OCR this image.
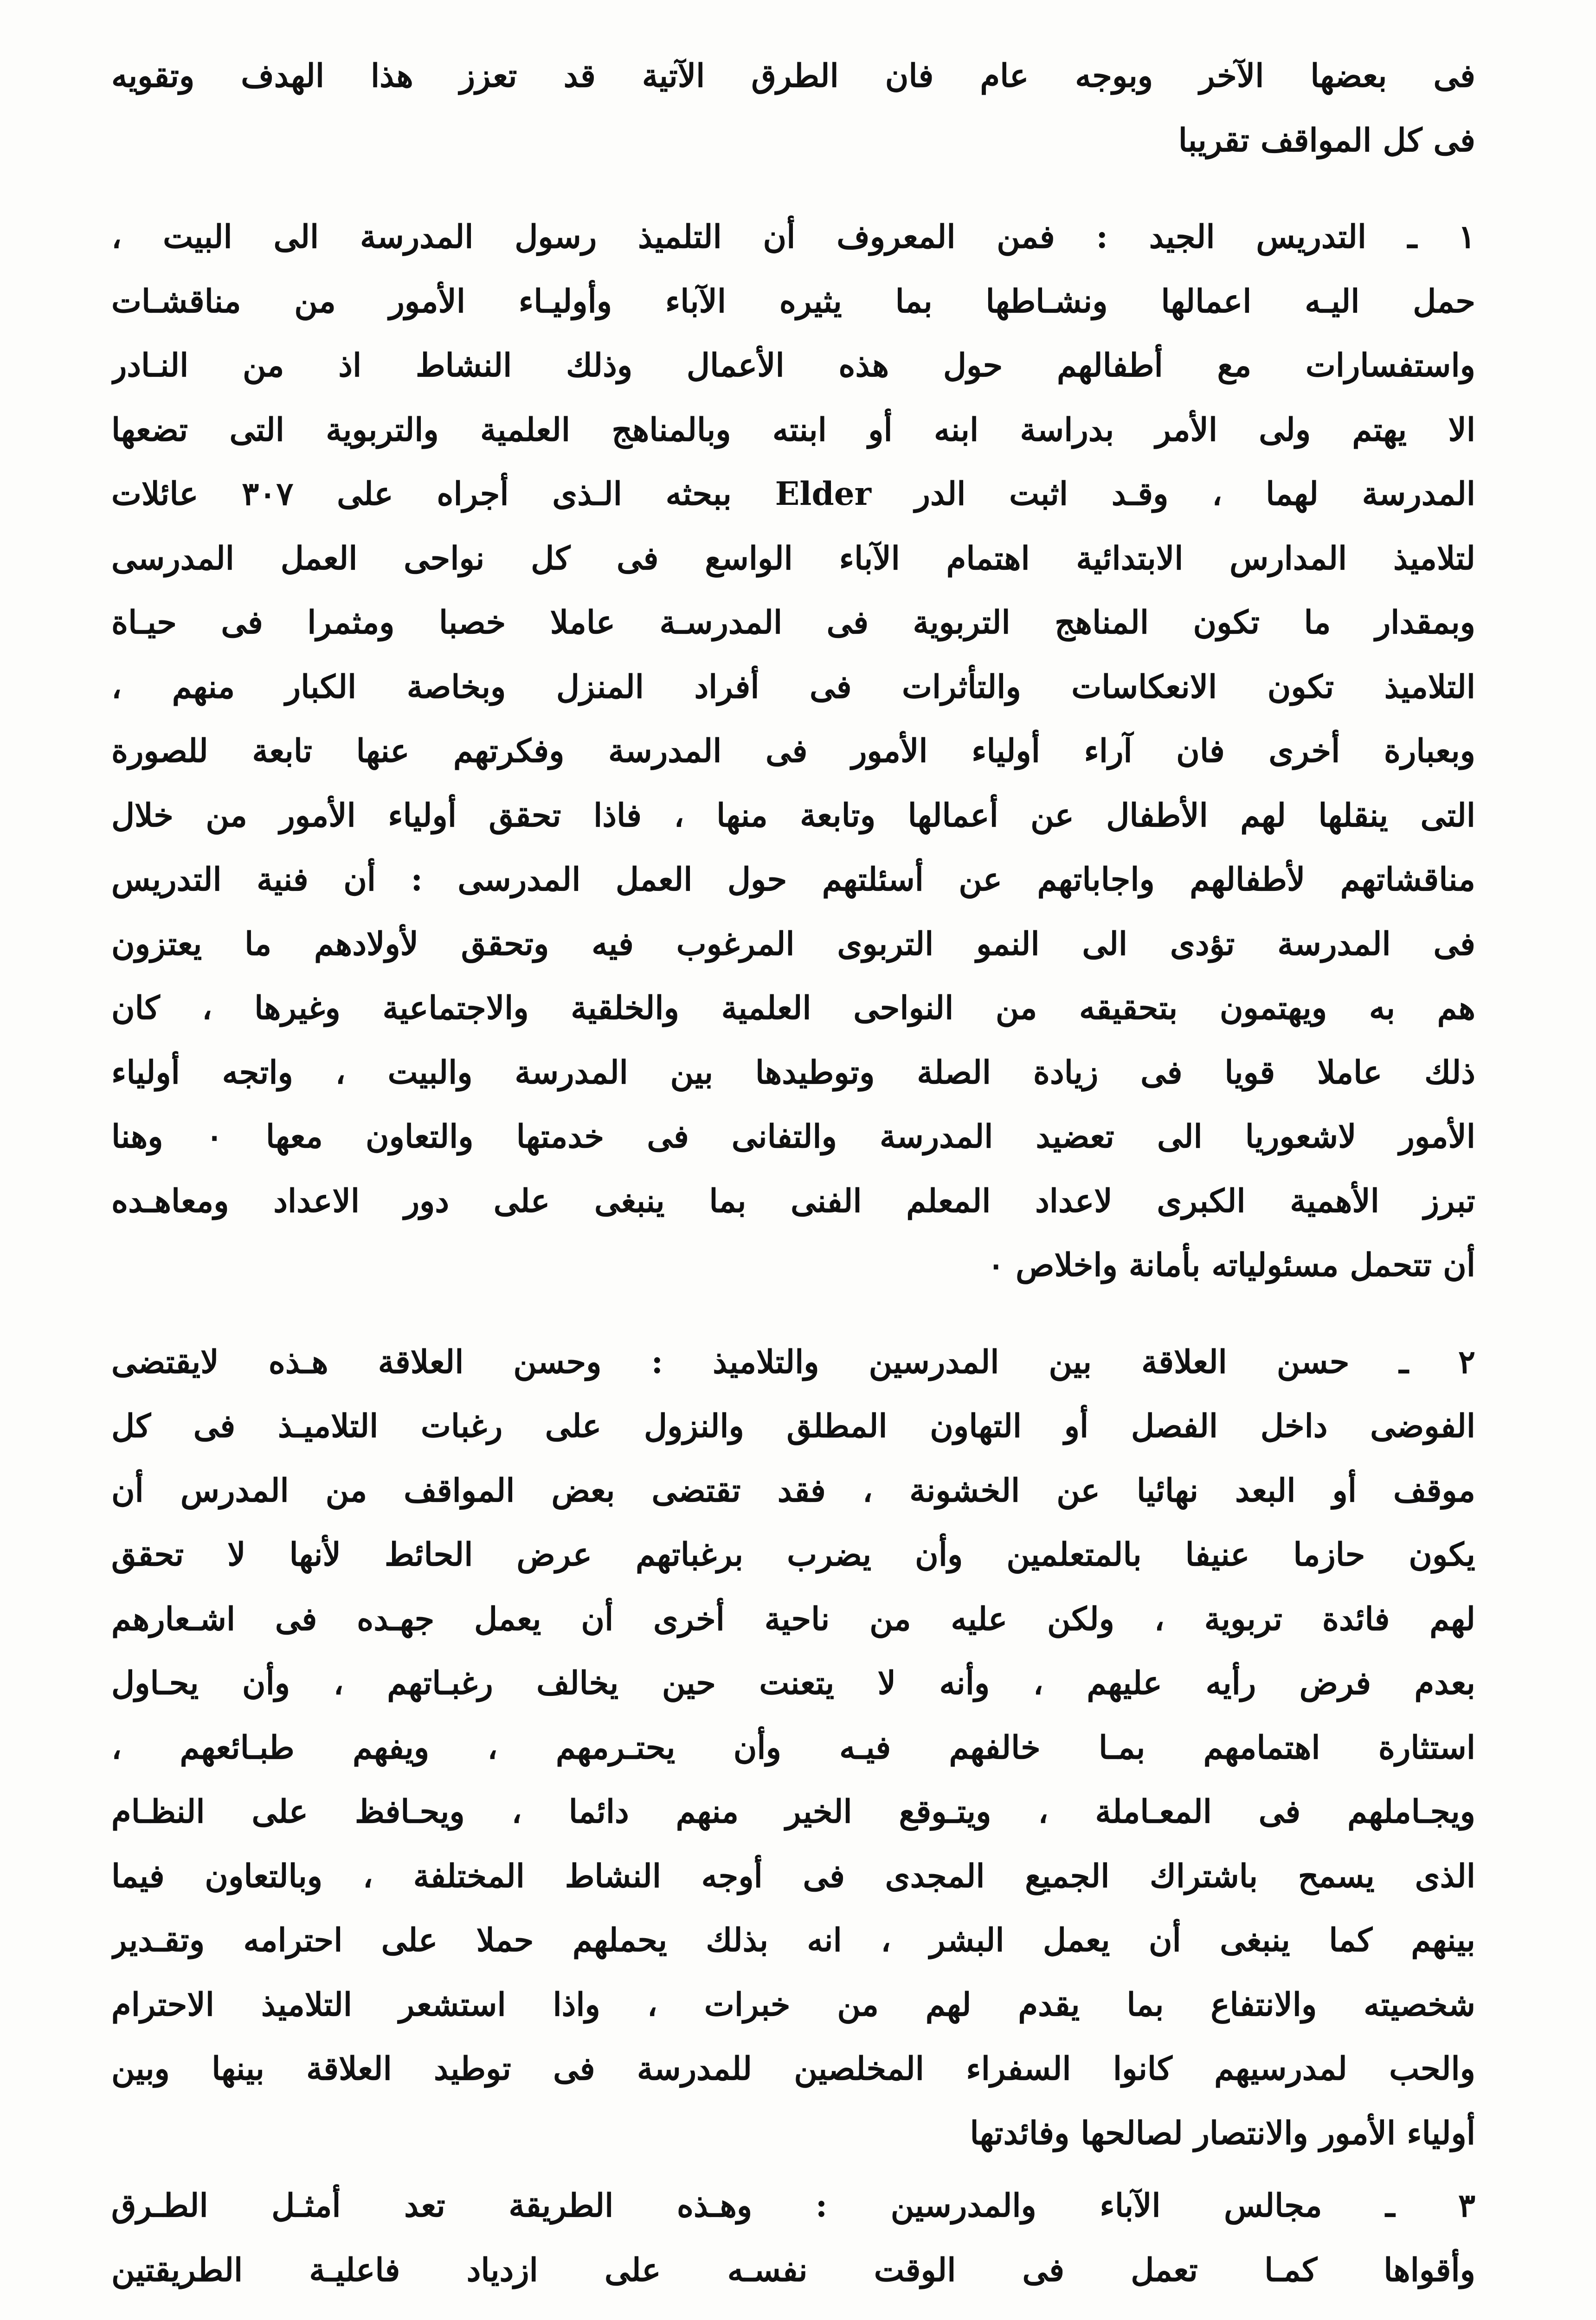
فى بعضها الآخر وبوجه عام فان الطرق الآتية قد تعزز هذا الهدف وتقويه
فى كل المواقف تقريبا
١ ـ التدريس الجيد : فمن المعروف أن التلميذ رسول المدرسة الى البيت ،
حمل اليـه اعمالها ونشـاطها بما يثيره الآباء وأوليـاء الأمور من مناقشـات
واستفسارات مع أطفالهم حول هذه الأعمال وذلك النشاط اذ من النـادر
الا يهتم ولى الأمر بدراسة ابنه أو ابنته وبالمناهج العلمية والتربوية التى تضعها
المدرسة لهما ، وقـد اثبت الدر Elder ببحثه الـذى أجراه على ٣٠٧ عائلات
لتلاميذ المدارس الابتدائية اهتمام الآباء الواسع فى كل نواحى العمل المدرسى
وبمقدار ما تكون المناهج التربوية فى المدرسـة عاملا خصبا ومثمرا فى حيـاة
التلاميذ تكون الانعكاسات والتأثرات فى أفراد المنزل وبخاصة الكبار منهم ،
وبعبارة أخرى فان آراء أولياء الأمور فى المدرسة وفكرتهم عنها تابعة للصورة
التى ينقلها لهم الأطفال عن أعمالها وتابعة منها ، فاذا تحقق أولياء الأمور من خلال
مناقشاتهم لأطفالهم واجاباتهم عن أسئلتهم حول العمل المدرسى : أن فنية التدريس
فى المدرسة تؤدى الى النمو التربوى المرغوب فيه وتحقق لأولادهم ما يعتزون
هم به ويهتمون بتحقيقه من النواحى العلمية والخلقية والاجتماعية وغيرها ، كان
ذلك عاملا قويا فى زيادة الصلة وتوطيدها بين المدرسة والبيت ، واتجه أولياء
الأمور لاشعوريا الى تعضيد المدرسة والتفانى فى خدمتها والتعاون معها ٠ وهنا
تبرز الأهمية الكبرى لاعداد المعلم الفنى بما ينبغى على دور الاعداد ومعاهـده
أن تتحمل مسئولياته بأمانة واخلاص ٠
٢ ـ حسن العلاقة بين المدرسين والتلاميذ : وحسن العلاقة هـذه لايقتضى
الفوضى داخل الفصل أو التهاون المطلق والنزول على رغبات التلاميـذ فى كل
موقف أو البعد نهائيا عن الخشونة ، فقد تقتضى بعض المواقف من المدرس أن
يكون حازما عنيفا بالمتعلمين وأن يضرب برغباتهم عرض الحائط لأنها لا تحقق
لهم فائدة تربوية ، ولكن عليه من ناحية أخرى أن يعمل جهـده فى اشـعارهم
بعدم فرض رأيه عليهم ، وأنه لا يتعنت حين يخالف رغبـاتهم ، وأن يحـاول
استثارة اهتمامهم بمـا خالفهم فيـه وأن يحتـرمهم ، ويفهم طبـائعهم ،
ويجـاملهم فى المعـاملة ، ويتـوقع الخير منهم دائما ، ويحـافظ على النظـام
الذى يسمح باشتراك الجميع المجدى فى أوجه النشاط المختلفة ، وبالتعاون فيما
بينهم كما ينبغى أن يعمل البشر ، انه بذلك يحملهم حملا على احترامه وتقـدير
شخصيته والانتفاع بما يقدم لهم من خبرات ، واذا استشعر التلاميذ الاحترام
والحب لمدرسيهم كانوا السفراء المخلصين للمدرسة فى توطيد العلاقة بينها وبين
أولياء الأمور والانتصار لصالحها وفائدتها
٣ ـ مجالس الآباء والمدرسين : وهـذه الطريقة تعد أمثـل الطـرق
وأقواها كمـا تعمل فى الوقت نفسـه على ازدياد فاعليـة الطريقتين
